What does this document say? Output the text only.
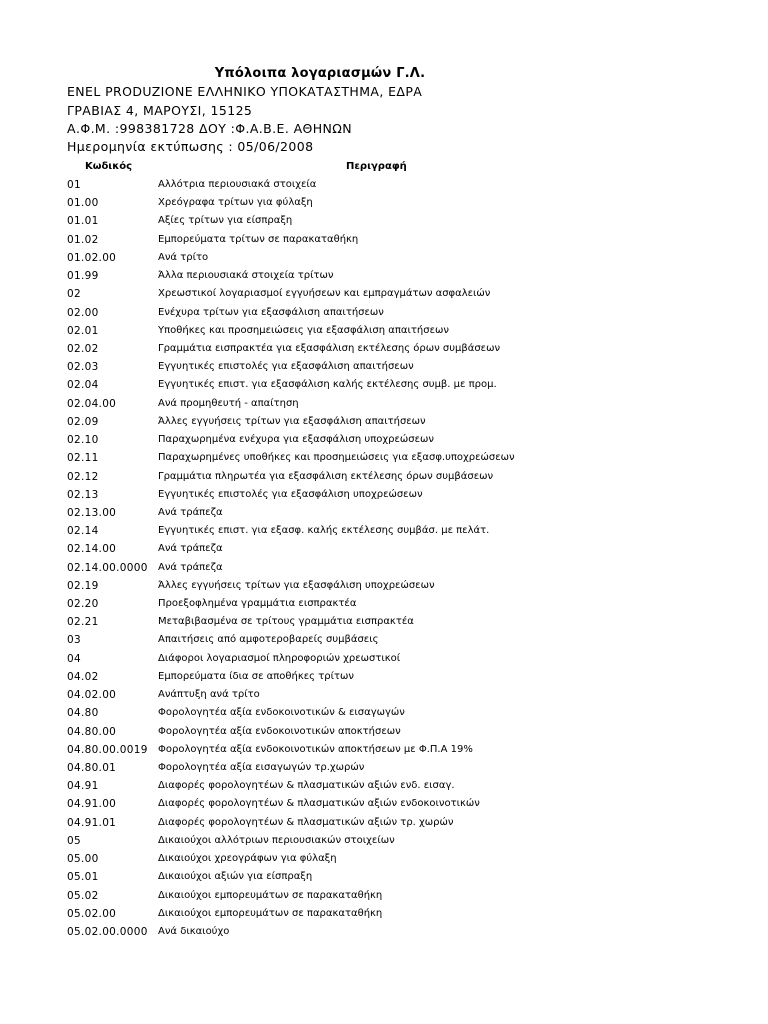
Υπόλοιπα λογαριασμών Γ.Λ.
ENEL PRODUZIONE ΕΛΛΗΝΙΚΟ ΥΠΟΚΑΤΑΣΤΗΜΑ, ΕΔΡΑ
ΓΡΑΒΙΑΣ 4, ΜΑΡΟΥΣΙ, 15125
Α.Φ.Μ. :998381728 ΔΟΥ :Φ.Α.Β.Ε. ΑΘΗΝΩΝ
Ημερομηνία εκτύπωσης : 05/06/2008
Κωδικός	Περιγραφή
01	Αλλότρια περιουσιακά στοιχεία
01.00	Χρεόγραφα τρίτων για φύλαξη
01.01	Αξίες τρίτων για είσπραξη
01.02	Εμπορεύματα τρίτων σε παρακαταθήκη
01.02.00	Ανά τρίτο
01.99	Άλλα περιουσιακά στοιχεία τρίτων
02	Χρεωστικοί λογαριασμοί εγγυήσεων και εμπραγμάτων ασφαλειών
02.00	Ενέχυρα τρίτων για εξασφάλιση απαιτήσεων
02.01	Υποθήκες και προσημειώσεις για εξασφάλιση απαιτήσεων
02.02	Γραμμάτια εισπρακτέα για εξασφάλιση εκτέλεσης όρων συμβάσεων
02.03	Εγγυητικές επιστολές για εξασφάλιση απαιτήσεων
02.04	Εγγυητικές επιστ. για εξασφάλιση καλής εκτέλεσης συμβ. με προμ.
02.04.00	Ανά προμηθευτή - απαίτηση
02.09	Άλλες εγγυήσεις τρίτων για εξασφάλιση απαιτήσεων
02.10	Παραχωρημένα ενέχυρα για εξασφάλιση υποχρεώσεων
02.11	Παραχωρημένες υποθήκες και προσημειώσεις για εξασφ.υποχρεώσεων
02.12	Γραμμάτια πληρωτέα για εξασφάλιση εκτέλεσης όρων συμβάσεων
02.13	Εγγυητικές επιστολές για εξασφάλιση υποχρεώσεων
02.13.00	Ανά τράπεζα
02.14	Εγγυητικές επιστ. για εξασφ. καλής εκτέλεσης συμβάσ. με πελάτ.
02.14.00	Ανά τράπεζα
02.14.00.0000 Ανά τράπεζα
02.19	Άλλες εγγυήσεις τρίτων για εξασφάλιση υποχρεώσεων
02.20	Προεξοφλημένα γραμμάτια εισπρακτέα
02.21	Μεταβιβασμένα σε τρίτους γραμμάτια εισπρακτέα
03	Απαιτήσεις από αμφοτεροβαρείς συμβάσεις
04	Διάφοροι λογαριασμοί πληροφοριών χρεωστικοί
04.02	Εμπορεύματα ίδια σε αποθήκες τρίτων
04.02.00	Ανάπτυξη ανά τρίτο
04.80	Φορολογητέα αξία ενδοκοινοτικών & εισαγωγών
04.80.00	Φορολογητέα αξία ενδοκοινοτικών αποκτήσεων
04.80.00.0019 Φορολογητέα αξία ενδοκοινοτικών αποκτήσεων με Φ.Π.Α 19%
04.80.01	Φορολογητέα αξία εισαγωγών τρ.χωρών
04.91	Διαφορές φορολογητέων & πλασματικών αξιών ενδ. εισαγ.
04.91.00	Διαφορές φορολογητέων & πλασματικών αξιών ενδοκοινοτικών
04.91.01	Διαφορές φορολογητέων & πλασματικών αξιών τρ. χωρών
05	Δικαιούχοι αλλότριων περιουσιακών στοιχείων
05.00	Δικαιούχοι χρεογράφων για φύλαξη
05.01	Δικαιούχοι αξιών για είσπραξη
05.02	Δικαιούχοι εμπορευμάτων σε παρακαταθήκη
05.02.00	Δικαιούχοι εμπορευμάτων σε παρακαταθήκη
05.02.00.0000 Ανά δικαιούχο
